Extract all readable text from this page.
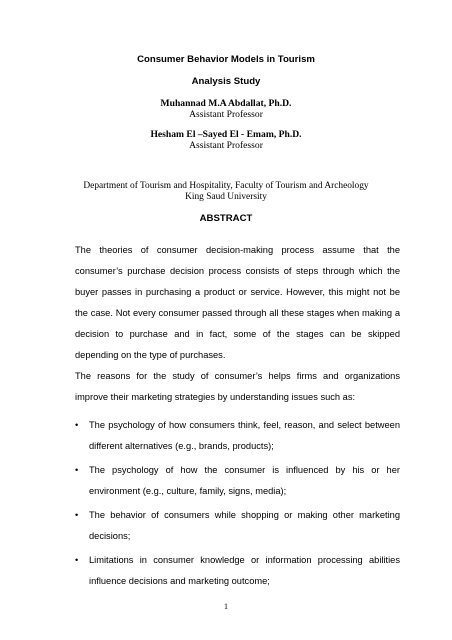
Consumer Behavior Models in Tourism
Analysis Study
Muhannad M.A Abdallat, Ph.D.
Assistant Professor
Hesham El –Sayed El - Emam, Ph.D.
Assistant Professor
Department of Tourism and Hospitality, Faculty of Tourism and Archeology
King Saud University
ABSTRACT

The theories of consumer decision-making process assume that the consumer’s purchase decision process consists of steps through which the buyer passes in purchasing a product or service. However, this might not be the case. Not every consumer passed through all these stages when making a decision to purchase and in fact, some of the stages can be skipped depending on the type of purchases.

The reasons for the study of consumer’s helps firms and organizations improve their marketing strategies by understanding issues such as:

• The psychology of how consumers think, feel, reason, and select between different alternatives (e.g., brands, products);
• The psychology of how the consumer is influenced by his or her environment (e.g., culture, family, signs, media);
• The behavior of consumers while shopping or making other marketing decisions;
• Limitations in consumer knowledge or information processing abilities influence decisions and marketing outcome;
1
